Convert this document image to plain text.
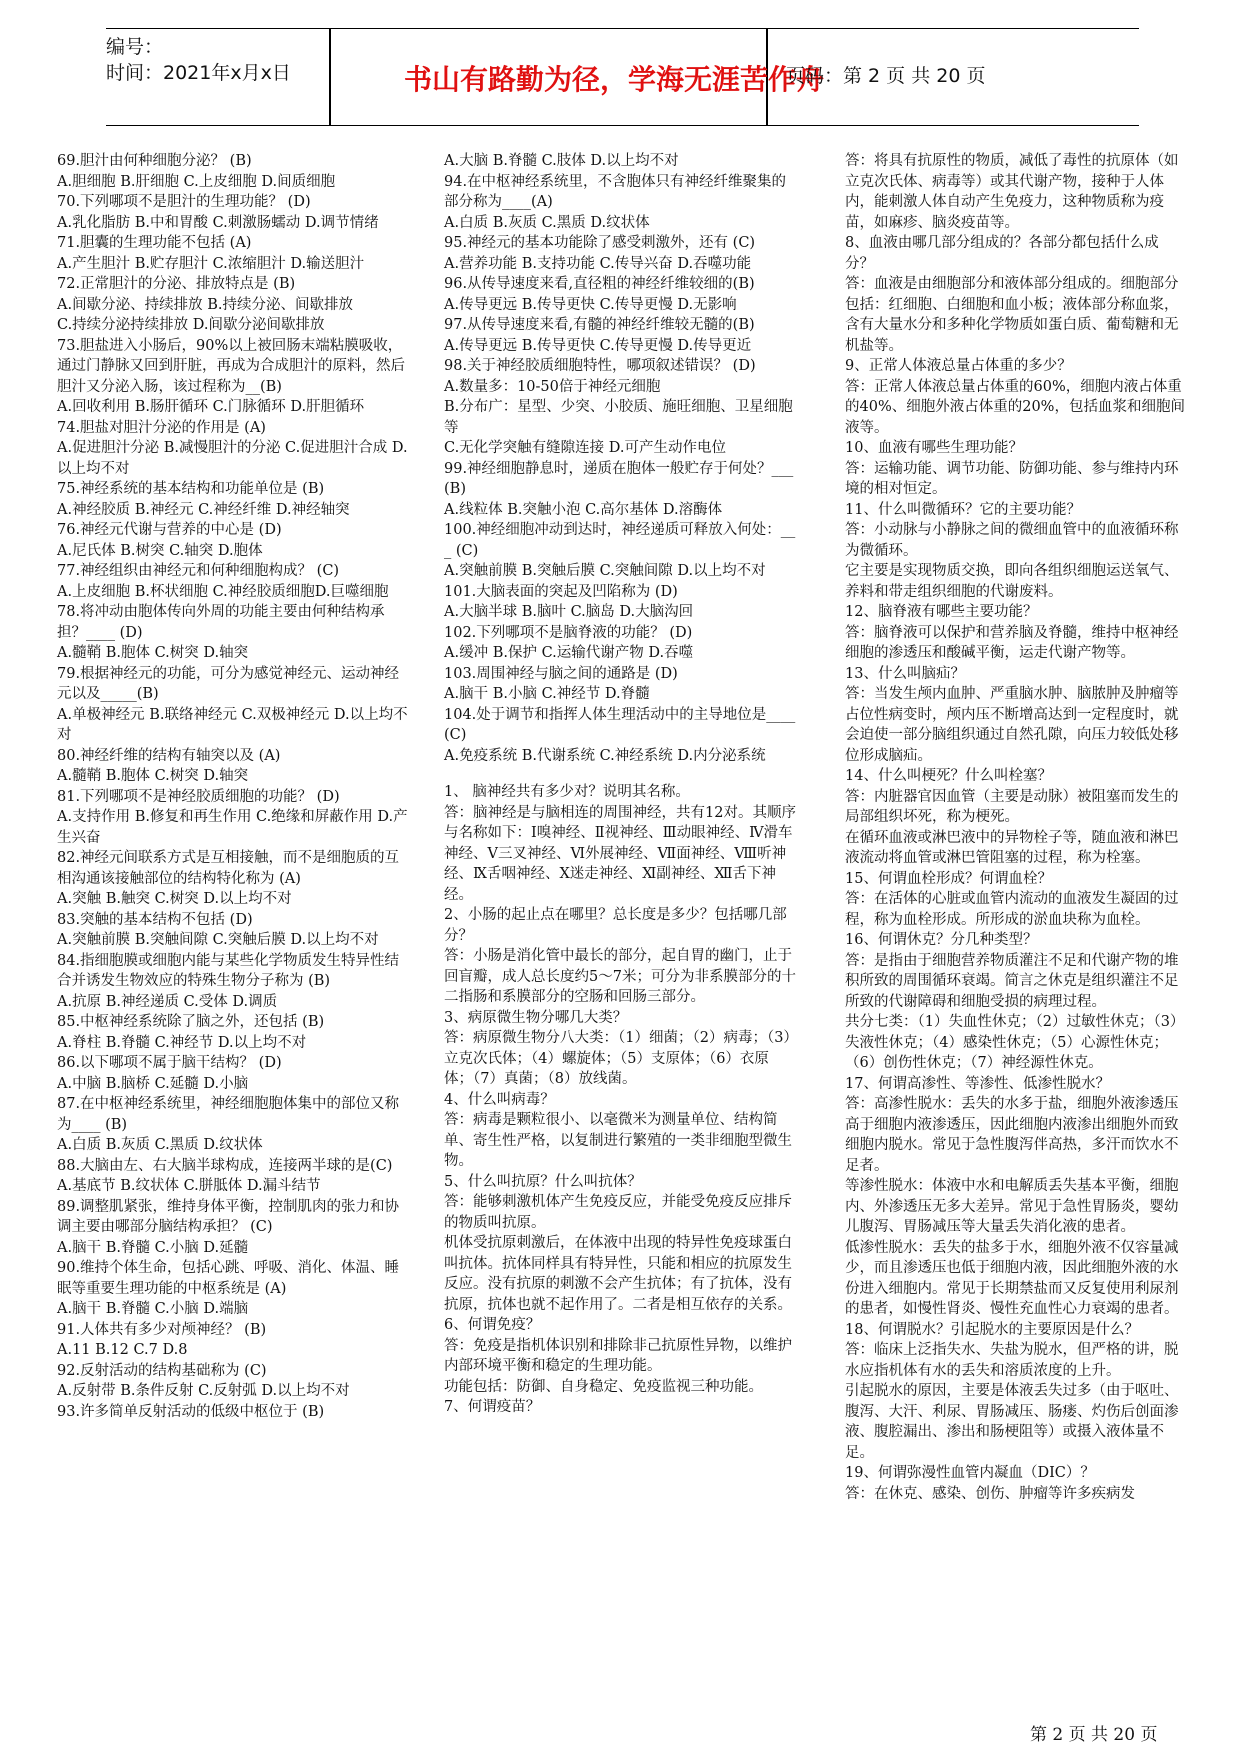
编号：
时间：2021年x月x日	书山有路勤为径，学海无涯苦作舟
页码：第 2 页 共 20 页

69.胆汁由何种细胞分泌？ (B)

A.胆细胞 B.肝细胞 C.上皮细胞 D.间质细胞

70.下列哪项不是胆汁的生理功能？ (D)

A.乳化脂肪 B.中和胃酸 C.刺激肠蠕动 D.调节情绪

71.胆囊的生理功能不包括 (A)

A.产生胆汁 B.贮存胆汁 C.浓缩胆汁 D.输送胆汁

72.正常胆汁的分泌、排放特点是 (B)

A.间歇分泌、持续排放 B.持续分泌、间歇排放

C.持续分泌持续排放 D.间歇分泌间歇排放

73.胆盐进入小肠后，90%以上被回肠末端粘膜吸收，通过门静脉又回到肝脏，再成为合成胆汁的原料，然后胆汁又分泌入肠，该过程称为__(B)

A.回收利用 B.肠肝循环 C.门脉循环 D.肝胆循环

74.胆盐对胆汁分泌的作用是 (A)

A.促进胆汁分泌 B.减慢胆汁的分泌 C.促进胆汁合成 D.以上均不对

75.神经系统的基本结构和功能单位是 (B)

A.神经胶质 B.神经元 C.神经纤维 D.神经轴突

76.神经元代谢与营养的中心是 (D)

A.尼氏体 B.树突 C.轴突 D.胞体

77.神经组织由神经元和何种细胞构成？ (C)

A.上皮细胞 B.杯状细胞 C.神经胶质细胞D.巨噬细胞

78.将冲动由胞体传向外周的功能主要由何种结构承担？____ (D)

A.髓鞘 B.胞体 C.树突 D.轴突

79.根据神经元的功能，可分为感觉神经元、运动神经元以及_____(B)

A.单极神经元 B.联络神经元 C.双极神经元 D.以上均不对

80.神经纤维的结构有轴突以及 (A)

A.髓鞘 B.胞体 C.树突 D.轴突

81.下列哪项不是神经胶质细胞的功能？ (D)

A.支持作用 B.修复和再生作用 C.绝缘和屏蔽作用 D.产生兴奋

82.神经元间联系方式是互相接触，而不是细胞质的互相沟通该接触部位的结构特化称为 (A)

A.突触 B.触突 C.树突 D.以上均不对

83.突触的基本结构不包括 (D)

A.突触前膜 B.突触间隙 C.突触后膜 D.以上均不对

84.指细胞膜或细胞内能与某些化学物质发生特异性结合并诱发生物效应的特殊生物分子称为 (B)

A.抗原 B.神经递质 C.受体 D.调质

85.中枢神经系统除了脑之外，还包括 (B)

A.脊柱 B.脊髓 C.神经节 D.以上均不对

86.以下哪项不属于脑干结构？ (D)

A.中脑 B.脑桥 C.延髓 D.小脑

87.在中枢神经系统里，神经细胞胞体集中的部位又称为____ (B)

A.白质 B.灰质 C.黑质 D.纹状体

88.大脑由左、右大脑半球构成，连接两半球的是(C)

A.基底节 B.纹状体 C.胼胝体 D.漏斗结节

89.调整肌紧张，维持身体平衡，控制肌肉的张力和协调主要由哪部分脑结构承担？ (C)

A.脑干 B.脊髓 C.小脑 D.延髓

90.维持个体生命，包括心跳、呼吸、消化、体温、睡眠等重要生理功能的中枢系统是 (A)

A.脑干 B.脊髓 C.小脑 D.端脑

91.人体共有多少对颅神经？ (B)

A.11 B.12 C.7 D.8

92.反射活动的结构基础称为 (C)

A.反射带 B.条件反射 C.反射弧 D.以上均不对

93.许多简单反射活动的低级中枢位于 (B)

A.大脑 B.脊髓 C.肢体 D.以上均不对

94.在中枢神经系统里，不含胞体只有神经纤维聚集的部分称为____(A)

A.白质 B.灰质 C.黑质 D.纹状体

95.神经元的基本功能除了感受刺激外，还有 (C)

A.营养功能 B.支持功能 C.传导兴奋 D.吞噬功能

96.从传导速度来看,直径粗的神经纤维较细的(B)

A.传导更远 B.传导更快 C.传导更慢 D.无影响

97.从传导速度来看,有髓的神经纤维较无髓的(B)

A.传导更远 B.传导更快 C.传导更慢 D.传导更近

98.关于神经胶质细胞特性，哪项叙述错误？ (D)

A.数量多：10-50倍于神经元细胞

B.分布广：星型、少突、小胶质、施旺细胞、卫星细胞等

C.无化学突触有缝隙连接 D.可产生动作电位

99.神经细胞静息时，递质在胞体一般贮存于何处？___ (B)

A.线粒体 B.突触小泡 C.高尔基体 D.溶酶体

100.神经细胞冲动到达时，神经递质可释放入何处：___ (C)

A.突触前膜 B.突触后膜 C.突触间隙 D.以上均不对

101.大脑表面的突起及凹陷称为 (D)

A.大脑半球 B.脑叶 C.脑岛 D.大脑沟回

102.下列哪项不是脑脊液的功能？ (D)

A.缓冲 B.保护 C.运输代谢产物 D.吞噬

103.周围神经与脑之间的通路是 (D)

A.脑干 B.小脑 C.神经节 D.脊髓

104.处于调节和指挥人体生理活动中的主导地位是____ (C)

A.免疫系统 B.代谢系统 C.神经系统 D.内分泌系统

1、 脑神经共有多少对？说明其名称。

答：脑神经是与脑相连的周围神经，共有12对。其顺序与名称如下：Ⅰ嗅神经、Ⅱ视神经、Ⅲ动眼神经、Ⅳ滑车神经、Ⅴ三叉神经、Ⅵ外展神经、Ⅶ面神经、Ⅷ听神经、Ⅸ舌咽神经、Ⅹ迷走神经、Ⅺ副神经、Ⅻ舌下神经。

2、小肠的起止点在哪里？总长度是多少？包括哪几部分？

答：小肠是消化管中最长的部分，起自胃的幽门，止于回盲瓣，成人总长度约5～7米；可分为非系膜部分的十二指肠和系膜部分的空肠和回肠三部分。

3、病原微生物分哪几大类？

答：病原微生物分八大类：（1）细菌；（2）病毒；（3）立克次氏体；（4）螺旋体；（5）支原体；（6）衣原体；（7）真菌；（8）放线菌。

4、什么叫病毒？

答：病毒是颗粒很小、以毫微米为测量单位、结构简单、寄生性严格，以复制进行繁殖的一类非细胞型微生物。

5、什么叫抗原？什么叫抗体？

答：能够刺激机体产生免疫反应，并能受免疫反应排斥的物质叫抗原。

机体受抗原刺激后，在体液中出现的特异性免疫球蛋白叫抗体。抗体同样具有特异性，只能和相应的抗原发生反应。没有抗原的刺激不会产生抗体；有了抗体，没有抗原，抗体也就不起作用了。二者是相互依存的关系。

6、何谓免疫？

答：免疫是指机体识别和排除非己抗原性异物，以维护内部环境平衡和稳定的生理功能。

功能包括：防御、自身稳定、免疫监视三种功能。

7、何谓疫苗？

答：将具有抗原性的物质，减低了毒性的抗原体（如立克次氏体、病毒等）或其代谢产物，接种于人体内，能刺激人体自动产生免疫力，这种物质称为疫苗，如麻疹、脑炎疫苗等。

8、血液由哪几部分组成的？各部分都包括什么成分？

答：血液是由细胞部分和液体部分组成的。细胞部分包括：红细胞、白细胞和血小板；液体部分称血浆，含有大量水分和多种化学物质如蛋白质、葡萄糖和无机盐等。

9、正常人体液总量占体重的多少？

答：正常人体液总量占体重的60%，细胞内液占体重的40%、细胞外液占体重的20%，包括血浆和细胞间液等。

10、血液有哪些生理功能？

答：运输功能、调节功能、防御功能、参与维持内环境的相对恒定。

11、什么叫微循环？它的主要功能？

答：小动脉与小静脉之间的微细血管中的血液循环称为微循环。

它主要是实现物质交换，即向各组织细胞运送氧气、养料和带走组织细胞的代谢废料。

12、脑脊液有哪些主要功能？

答：脑脊液可以保护和营养脑及脊髓，维持中枢神经细胞的渗透压和酸碱平衡，运走代谢产物等。

13、什么叫脑疝？

答：当发生颅内血肿、严重脑水肿、脑脓肿及肿瘤等占位性病变时，颅内压不断增高达到一定程度时，就会迫使一部分脑组织通过自然孔隙，向压力较低处移位形成脑疝。

14、什么叫梗死？什么叫栓塞？

答：内脏器官因血管（主要是动脉）被阻塞而发生的局部组织坏死，称为梗死。

在循环血液或淋巴液中的异物栓子等，随血液和淋巴液流动将血管或淋巴管阻塞的过程，称为栓塞。

15、何谓血栓形成？何谓血栓？

答：在活体的心脏或血管内流动的血液发生凝固的过程，称为血栓形成。所形成的淤血块称为血栓。

16、何谓休克？分几种类型？

答：是指由于细胞营养物质灌注不足和代谢产物的堆积所致的周围循环衰竭。简言之休克是组织灌注不足所致的代谢障碍和细胞受损的病理过程。

共分七类：（1）失血性休克；（2）过敏性休克；（3）失液性休克；（4）感染性休克；（5）心源性休克；（6）创伤性休克；（7）神经源性休克。

17、何谓高渗性、等渗性、低渗性脱水？

答：高渗性脱水：丢失的水多于盐，细胞外液渗透压高于细胞内液渗透压，因此细胞内液渗出细胞外而致细胞内脱水。常见于急性腹泻伴高热，多汗而饮水不足者。

等渗性脱水：体液中水和电解质丢失基本平衡，细胞内、外渗透压无多大差异。常见于急性胃肠炎，婴幼儿腹泻、胃肠减压等大量丢失消化液的患者。

低渗性脱水：丢失的盐多于水，细胞外液不仅容量减少，而且渗透压也低于细胞内液，因此细胞外液的水份进入细胞内。常见于长期禁盐而又反复使用利尿剂的患者，如慢性肾炎、慢性充血性心力衰竭的患者。

18、何谓脱水？引起脱水的主要原因是什么？

答：临床上泛指失水、失盐为脱水，但严格的讲，脱水应指机体有水的丢失和溶质浓度的上升。

引起脱水的原因，主要是体液丢失过多（由于呕吐、腹泻、大汗、利尿、胃肠减压、肠瘘、灼伤后创面渗液、腹腔漏出、渗出和肠梗阻等）或摄入液体量不足。

19、何谓弥漫性血管内凝血（DIC）？

答：在休克、感染、创伤、肿瘤等许多疾病发

第 2 页 共 20 页
